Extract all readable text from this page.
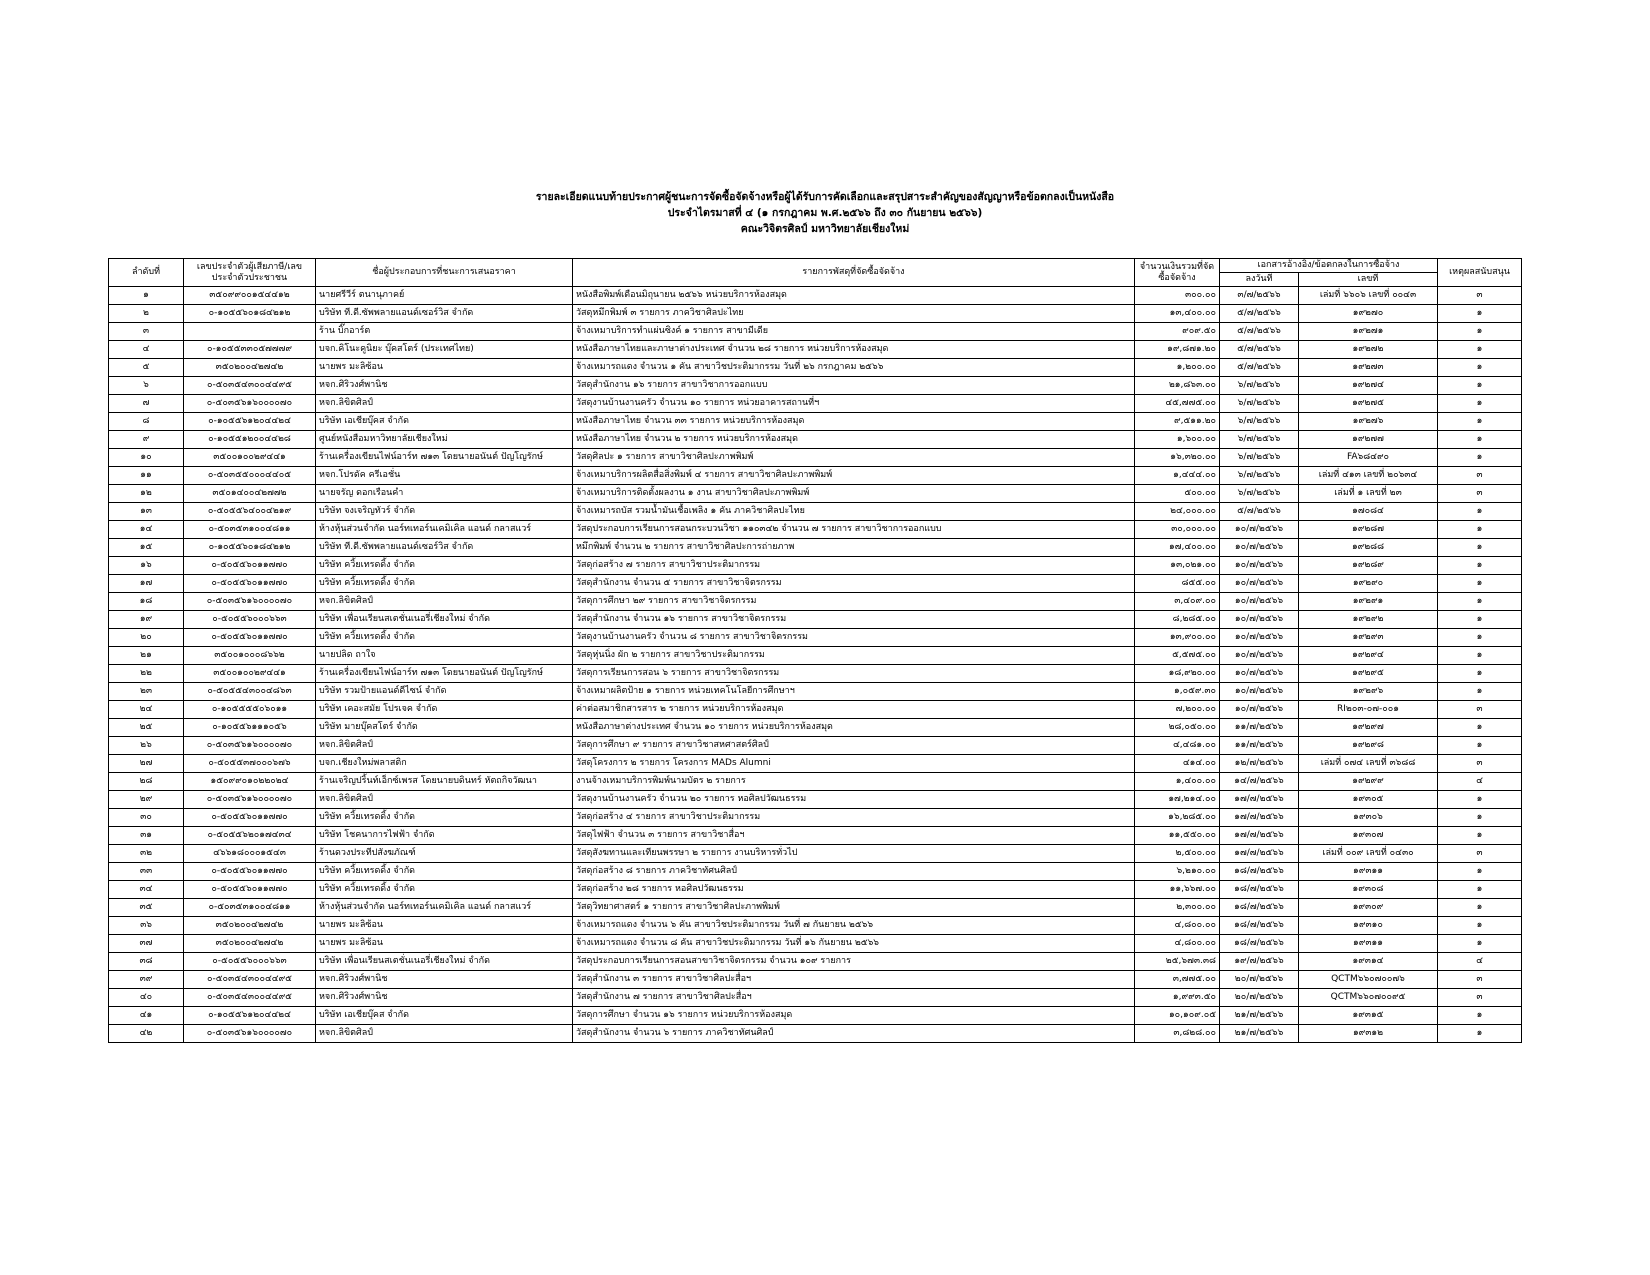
รายละเอียดแนบท้ายประกาศผู้ชนะการจัดซื้อจัดจ้างหรือผู้ได้รับการคัดเลือกและสรุปสาระสำคัญของสัญญาหรือข้อตกลงเป็นหนังสือ
ประจำไตรมาสที่ ๔ (๑ กรกฎาคม พ.ศ.๒๕๖๖ ถึง ๓๐ กันยายน ๒๕๖๖)
คณะวิจิตรศิลป์ มหาวิทยาลัยเชียงใหม่
ลำดับที่	เลขประจำตัวผู้เสียภาษี/เลขประจำตัวประชาชน	ชื่อผู้ประกอบการที่ชนะการเสนอราคา	รายการพัสดุที่จัดซื้อจัดจ้าง	จำนวนเงินรวมที่จัดซื้อจัดจ้าง	เอกสารอ้างอิง/ข้อตกลงในการซื้อจ้าง		เหตุผลสนับสนุน
					ลงวันที่	เลขที่	
๑	๓๕๐๙๙๐๐๑๕๔๔๑๒	นายศรีวีร์ ตนานุภาคย์	หนังสือพิมพ์เดือนมิถุนายน ๒๕๖๖ หน่วยบริการห้องสมุด	๓๐๐.๐๐	๓/๗/๒๕๖๖	เล่มที่ ๖๖๐๖ เลขที่ ๐๐๔๓	๓
๒	๐-๑๐๕๕๖๐๑๘๔๒๑๒	บริษัท ที.ดี.ซัพพลายแอนด์เซอร์วิส จำกัด	วัสดุหมึกพิมพ์ ๓ รายการ ภาควิชาศิลปะไทย	๑๓,๔๐๐.๐๐	๕/๗/๒๕๖๖	๑๙๒๗๐	๑
๓		ร้าน บิ๊กอาร์ต	จ้างเหมาบริการทำแผ่นซิงค์ ๑ รายการ สาขามีเดีย	๙๐๙.๕๐	๕/๗/๒๕๖๖	๑๙๒๗๑	๑
๔	๐-๑๐๕๕๓๓๐๕๗๗๗๙	บจก.คิโนะคูนิยะ บุ๊คสโตร์ (ประเทศไทย)	หนังสือภาษาไทยและภาษาต่างประเทศ จำนวน ๒๘ รายการ หน่วยบริการห้องสมุด	๑๙,๘๗๑.๒๐	๕/๗/๒๕๖๖	๑๙๒๗๒	๑
๕	๓๕๐๒๐๐๔๒๗๔๒	นายพร มะลิซ้อน	จ้างเหมารถแดง จำนวน ๑ คัน สาขาวิชประติมากรรม วันที่ ๒๖ กรกฎาคม ๒๕๖๖	๑,๒๐๐.๐๐	๕/๗/๒๕๖๖	๑๙๒๗๓	๑
๖	๐-๕๐๓๕๔๓๐๐๔๔๙๕	หจก.ศิริวงศ์พานิช	วัสดุสำนักงาน ๑๖ รายการ สาขาวิชาการออกแบบ	๒๑,๘๖๓.๐๐	๖/๗/๒๕๖๖	๑๙๒๗๔	๑
๗	๐-๕๐๓๕๖๑๖๐๐๐๐๗๐	หจก.ลิขิตศิลป์	วัสดุงานบ้านงานครัว จำนวน ๑๐ รายการ หน่วยอาคารสถานที่ฯ	๔๕,๗๗๕.๐๐	๖/๗/๒๕๖๖	๑๙๒๗๕	๑
๘	๐-๑๐๕๕๖๑๒๐๔๔๒๔	บริษัท เอเชียบุ๊คส จำกัด	หนังสือภาษาไทย จำนวน ๓๓ รายการ หน่วยบริการห้องสมุด	๙,๕๑๑.๒๐	๖/๗/๒๕๖๖	๑๙๒๗๖	๑
๙	๐-๑๐๕๕๑๒๐๐๔๔๒๘	ศูนย์หนังสือมหาวิทยาลัยเชียงใหม่	หนังสือภาษาไทย จำนวน ๒ รายการ หน่วยบริการห้องสมุด	๑,๖๐๐.๐๐	๖/๗/๒๕๖๖	๑๙๒๗๗	๑
๑๐	๓๕๐๐๑๐๐๒๙๔๔๑	ร้านเครื่องเขียนไฟน์อาร์ท ๗๑๓ โดยนายอนันต์ ปัญโญรักษ์	วัสดุศิลปะ ๑ รายการ สาขาวิชาศิลปะภาพพิมพ์	๑๖,๓๒๐.๐๐	๖/๗/๒๕๖๖	FA๖๘๔๙๐	๑
๑๑	๐-๕๐๓๕๕๐๐๐๔๔๐๕	หจก.โปรดัค ครีเอชั่น	จ้างเหมาบริการผลิตสื่อสิ่งพิมพ์ ๔ รายการ สาขาวิชาศิลปะภาพพิมพ์	๑,๔๔๔.๐๐	๖/๗/๒๕๖๖	เล่มที่ ๔๑๓ เลขที่ ๒๐๖๓๔	๓
๑๒	๓๕๐๑๔๐๐๔๒๗๗๒	นายจรัญ ดอกเรือนคำ	จ้างเหมาบริการติดตั้งผลงาน ๑ งาน สาขาวิชาศิลปะภาพพิมพ์	๕๐๐.๐๐	๖/๗/๒๕๖๖	เล่มที่ ๑ เลขที่ ๒๓	๓
๑๓	๐-๕๐๕๕๖๔๐๐๔๒๑๙	บริษัท จงเจริญทัวร์ จำกัด	จ้างเหมารถบัส รวมน้ำมันเชื้อเพลิง ๑ คัน ภาควิชาศิลปะไทย	๒๔,๐๐๐.๐๐	๕/๗/๒๕๖๖	๑๗๐๘๔	๑
๑๔	๐-๕๐๓๕๓๑๐๐๔๘๑๑	ห้างหุ้นส่วนจำกัด นอร์ทเทอร์นเคมิเคิล แอนด์ กลาสแวร์	วัสดุประกอบการเรียนการสอนกระบวนวิชา ๑๑๐๓๔๒ จำนวน ๗ รายการ สาขาวิชาการออกแบบ	๓๐,๐๐๐.๐๐	๑๐/๗/๒๕๖๖	๑๙๒๘๗	๑
๑๕	๐-๑๐๕๕๖๐๑๘๔๒๑๒	บริษัท ที.ดี.ซัพพลายแอนด์เซอร์วิส จำกัด	หมึกพิมพ์ จำนวน ๒ รายการ สาขาวิชาศิลปะการถ่ายภาพ	๑๗,๔๐๐.๐๐	๑๐/๗/๒๕๖๖	๑๙๒๘๘	๑
๑๖	๐-๕๐๕๕๖๐๑๑๗๗๐	บริษัท ควิ้ยเทรดดิ้ง จำกัด	วัสดุก่อสร้าง ๗ รายการ สาขาวิชาประติมากรรม	๑๓,๐๒๑.๐๐	๑๐/๗/๒๕๖๖	๑๙๒๘๙	๑
๑๗	๐-๕๐๕๕๖๐๑๑๗๗๐	บริษัท ควิ้ยเทรดดิ้ง จำกัด	วัสดุสำนักงาน จำนวน ๕ รายการ สาขาวิชาจิตรกรรม	๘๕๕.๐๐	๑๐/๗/๒๕๖๖	๑๙๒๙๐	๑
๑๘	๐-๕๐๓๕๖๑๖๐๐๐๐๗๐	หจก.ลิขิตศิลป์	วัสดุการศึกษา ๒๙ รายการ สาขาวิชาจิตรกรรม	๓,๔๐๙.๐๐	๑๐/๗/๒๕๖๖	๑๙๒๙๑	๑
๑๙	๐-๕๐๕๕๖๐๐๐๖๖๓	บริษัท เพื่อนเรียนสเตชั่นเนอรี่เชียงใหม่ จำกัด	วัสดุสำนักงาน จำนวน ๑๖ รายการ สาขาวิชาจิตรกรรม	๘,๒๘๕.๐๐	๑๐/๗/๒๕๖๖	๑๙๒๙๒	๑
๒๐	๐-๕๐๕๕๖๐๑๑๗๗๐	บริษัท ควิ้ยเทรดดิ้ง จำกัด	วัสดุงานบ้านงานครัว จำนวน ๘ รายการ สาขาวิชาจิตรกรรม	๑๓,๙๐๐.๐๐	๑๐/๗/๒๕๖๖	๑๙๒๙๓	๑
๒๑	๓๕๐๐๑๐๐๐๘๖๖๒	นายปลิด ถาใจ	วัสดุหุ่นนิ่ง ผัก ๒ รายการ สาขาวิชาประติมากรรม	๕,๕๗๕.๐๐	๑๐/๗/๒๕๖๖	๑๙๒๙๔	๑
๒๒	๓๕๐๐๑๐๐๒๙๔๔๑	ร้านเครื่องเขียนไฟน์อาร์ท ๗๑๓ โดยนายอนันต์ ปัญโญรักษ์	วัสดุการเรียนการสอน ๖ รายการ สาขาวิชาจิตรกรรม	๑๘,๙๒๐.๐๐	๑๐/๗/๒๕๖๖	๑๙๒๙๕	๑
๒๓	๐-๕๐๕๕๔๓๐๐๔๘๖๓	บริษัท รวมป้ายแอนด์ดีไซน์ จำกัด	จ้างเหมาผลิตป้าย ๑ รายการ หน่วยเทคโนโลยีการศึกษาฯ	๑,๐๕๙.๓๐	๑๐/๗/๒๕๖๖	๑๙๒๙๖	๑
๒๔	๐-๑๐๕๕๕๕๐๖๐๑๑	บริษัท เคอะสมัย โปรเจค จำกัด	ค่าต่อสมาชิกสารสาร ๒ รายการ หน่วยบริการห้องสมุด	๗,๒๐๐.๐๐	๑๐/๗/๒๕๖๖	RI๒๐๓-๐๗-๐๐๑	๓
๒๕	๐-๑๐๕๕๖๑๑๑๐๕๖	บริษัท มายบุ๊คสโตร์ จำกัด	หนังสือภาษาต่างประเทศ จำนวน ๑๐ รายการ หน่วยบริการห้องสมุด	๒๘,๐๕๐.๐๐	๑๑/๗/๒๕๖๖	๑๙๒๙๗	๑
๒๖	๐-๕๐๓๕๖๑๖๐๐๐๐๗๐	หจก.ลิขิตศิลป์	วัสดุการศึกษา ๙ รายการ สาขาวิชาสหศาสตร์ศิลป์	๔,๔๘๑.๐๐	๑๑/๗/๒๕๖๖	๑๙๒๙๘	๑
๒๗	๐-๕๐๕๕๓๗๐๐๐๖๗๖	บจก.เชียงใหม่พลาสติก	วัสดุโครงการ ๒ รายการ โครงการ MADs Alumni	๔๑๔.๐๐	๑๒/๗/๒๕๖๖	เล่มที่ ๐๗๔ เลขที่ ๓๖๘๘	๓
๒๘	๑๕๐๙๙๐๑๐๒๒๐๒๔	ร้านเจริญปริ้นท์เอ็กซ์เพรส โดยนายบดินทร์ หัตถกิจวัฒนา	งานจ้างเหมาบริการพิมพ์นามบัตร ๒ รายการ	๑,๔๐๐.๐๐	๑๔/๗/๒๕๖๖	๑๙๒๙๙	๔
๒๙	๐-๕๐๓๕๖๑๖๐๐๐๐๗๐	หจก.ลิขิตศิลป์	วัสดุงานบ้านงานครัว จำนวน ๒๐ รายการ หอศิลปวัฒนธรรม	๑๗,๒๑๔.๐๐	๑๗/๗/๒๕๖๖	๑๙๓๐๕	๑
๓๐	๐-๕๐๕๕๖๐๑๑๗๗๐	บริษัท ควิ้ยเทรดดิ้ง จำกัด	วัสดุก่อสร้าง ๔ รายการ สาขาวิชาประติมากรรม	๑๖,๒๘๕.๐๐	๑๗/๗/๒๕๖๖	๑๙๓๐๖	๑
๓๑	๐-๕๐๕๕๖๒๐๑๗๔๓๔	บริษัท โชคนาการไฟฟ้า จำกัด	วัสดุไฟฟ้า จำนวน ๓ รายการ สาขาวิชาสื่อฯ	๑๑,๕๕๐.๐๐	๑๗/๗/๒๕๖๖	๑๙๓๐๗	๑
๓๒	๔๖๖๑๘๐๐๐๑๕๔๓	ร้านดวงประทีปสังฆภัณฑ์	วัสดุสังฆทานและเทียนพรรษา ๒ รายการ งานบริหารทั่วไป	๒,๕๐๐.๐๐	๑๗/๗/๒๕๖๖	เล่มที่ ๐๐๙ เลขที่ ๐๔๓๐	๓
๓๓	๐-๕๐๕๕๖๐๑๑๗๗๐	บริษัท ควิ้ยเทรดดิ้ง จำกัด	วัสดุก่อสร้าง ๘ รายการ ภาควิชาทัศนศิลป์	๖,๒๑๐.๐๐	๑๘/๗/๒๕๖๖	๑๙๓๑๑	๑
๓๔	๐-๕๐๕๕๖๐๑๑๗๗๐	บริษัท ควิ้ยเทรดดิ้ง จำกัด	วัสดุก่อสร้าง ๒๘ รายการ หอศิลปวัฒนธรรม	๑๑,๖๖๗.๐๐	๑๘/๗/๒๕๖๖	๑๙๓๐๘	๑
๓๕	๐-๕๐๓๕๓๑๐๐๔๘๑๑	ห้างหุ้นส่วนจำกัด นอร์ทเทอร์นเคมิเคิล แอนด์ กลาสแวร์	วัสดุวิทยาศาสตร์ ๑ รายการ สาขาวิชาศิลปะภาพพิมพ์	๒,๓๐๐.๐๐	๑๘/๗/๒๕๖๖	๑๙๓๐๙	๑
๓๖	๓๕๐๒๐๐๔๒๗๔๒	นายพร มะลิซ้อน	จ้างเหมารถแดง จำนวน ๖ คัน สาขาวิชประติมากรรม วันที่ ๗ กันยายน ๒๕๖๖	๔,๘๐๐.๐๐	๑๘/๗/๒๕๖๖	๑๙๓๑๐	๑
๓๗	๓๕๐๒๐๐๔๒๗๔๒	นายพร มะลิซ้อน	จ้างเหมารถแดง จำนวน ๘ คัน สาขาวิชประติมากรรม วันที่ ๑๖ กันยายน ๒๕๖๖	๔,๘๐๐.๐๐	๑๘/๗/๒๕๖๖	๑๙๓๑๑	๑
๓๘	๐-๕๐๕๕๖๐๐๐๖๖๓	บริษัท เพื่อนเรียนสเตชั่นเนอรี่เชียงใหม่ จำกัด	วัสดุประกอบการเรียนการสอนสาขาวิชาจิตรกรรม จำนวน ๑๐๙ รายการ	๒๕,๖๗๓.๓๘	๑๙/๗/๒๕๖๖	๑๙๓๑๔	๔
๓๙	๐-๕๐๓๕๔๓๐๐๔๔๙๕	หจก.ศิริวงศ์พานิช	วัสดุสำนักงาน ๓ รายการ สาขาวิชาศิลปะสื่อฯ	๓,๗๗๕.๐๐	๒๐/๗/๒๕๖๖	QCTM๖๖๐๗๐๐๗๖	๓
๔๐	๐-๕๐๓๕๔๓๐๐๔๔๙๕	หจก.ศิริวงศ์พานิช	วัสดุสำนักงาน ๗ รายการ สาขาวิชาศิลปะสื่อฯ	๑,๙๙๓.๕๐	๒๐/๗/๒๕๖๖	QCTM๖๖๐๗๐๐๙๕	๓
๔๑	๐-๑๐๕๕๖๑๒๐๔๔๒๔	บริษัท เอเชียบุ๊คส จำกัด	วัสดุการศึกษา จำนวน ๑๖ รายการ หน่วยบริการห้องสมุด	๑๐,๑๐๙.๐๕	๒๑/๗/๒๕๖๖	๑๙๓๑๕	๑
๔๒	๐-๕๐๓๕๖๑๖๐๐๐๐๗๐	หจก.ลิขิตศิลป์	วัสดุสำนักงาน จำนวน ๖ รายการ ภาควิชาทัศนศิลป์	๓,๘๒๘.๐๐	๒๑/๗/๒๕๖๖	๑๙๓๑๒	๑
